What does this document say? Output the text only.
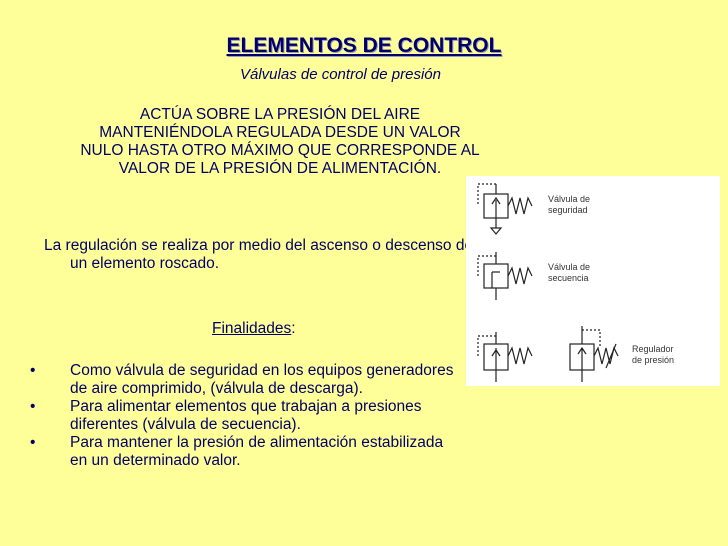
ELEMENTOS DE CONTROL
Válvulas de control de presión
ACTÚA SOBRE LA PRESIÓN DEL AIRE MANTENIÉNDOLA REGULADA DESDE UN VALOR NULO HASTA OTRO MÁXIMO QUE CORRESPONDE AL VALOR DE LA PRESIÓN DE ALIMENTACIÓN.
La regulación se realiza por medio del ascenso o descenso de un elemento roscado.
Finalidades:
• Como válvula de seguridad en los equipos generadores de aire comprimido, (válvula de descarga).
• Para alimentar elementos que trabajan a presiones diferentes (válvula de secuencia).
• Para mantener la presión de alimentación estabilizada en un determinado valor.
Válvula de
seguridad
Válvula de
secuencia
Regulador
de presión
